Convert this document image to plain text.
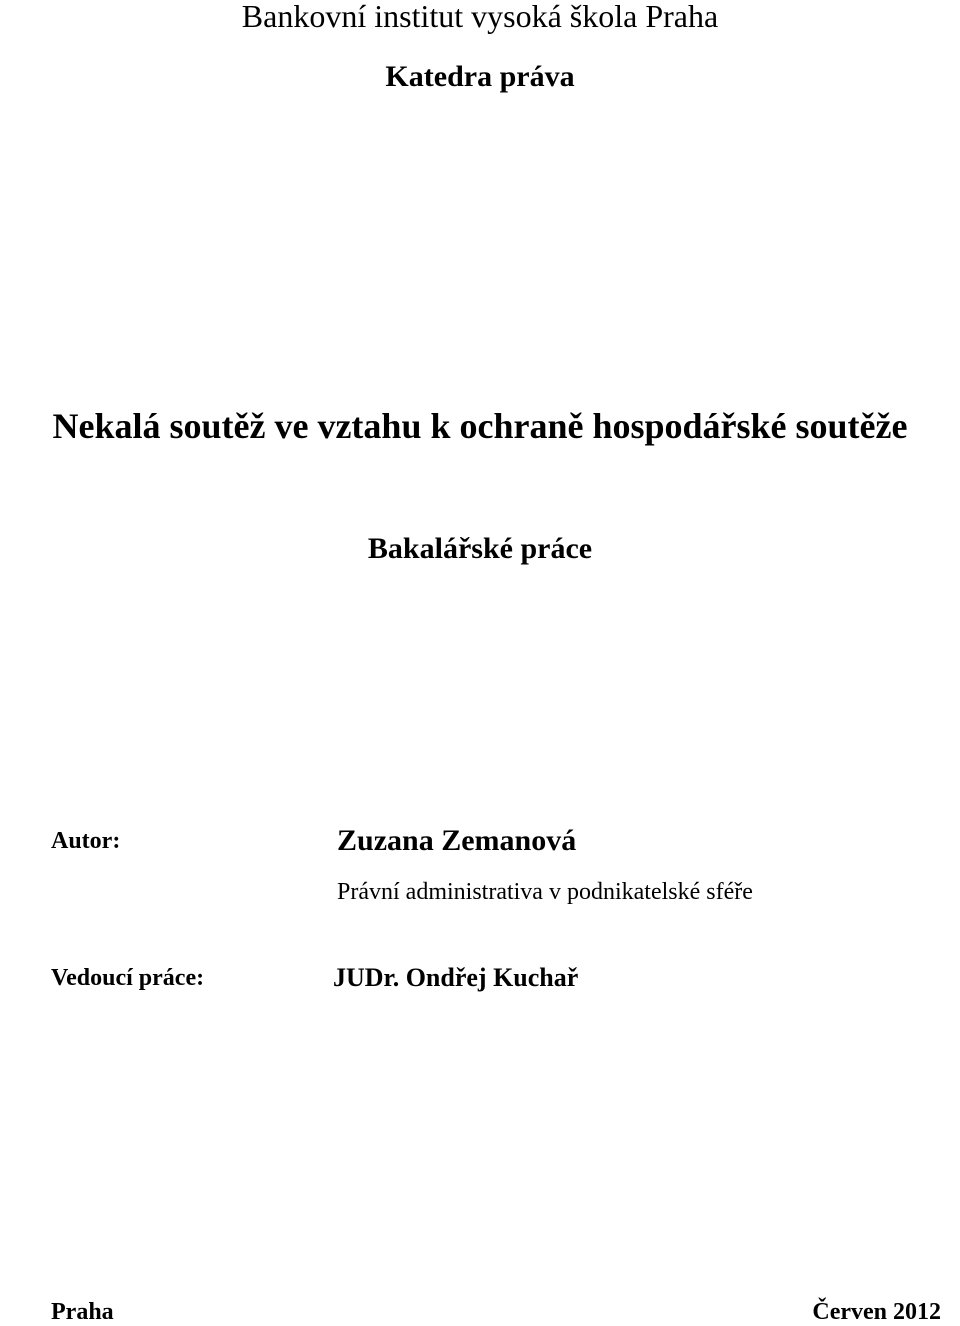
Bankovní institut vysoká škola Praha
Katedra práva
Nekalá soutěž ve vztahu k ochraně hospodářské soutěže
Bakalářské práce
Autor:	Zuzana Zemanová
Právní administrativa v podnikatelské sféře
Vedoucí práce:	JUDr. Ondřej Kuchař
Praha	Červen 2012
